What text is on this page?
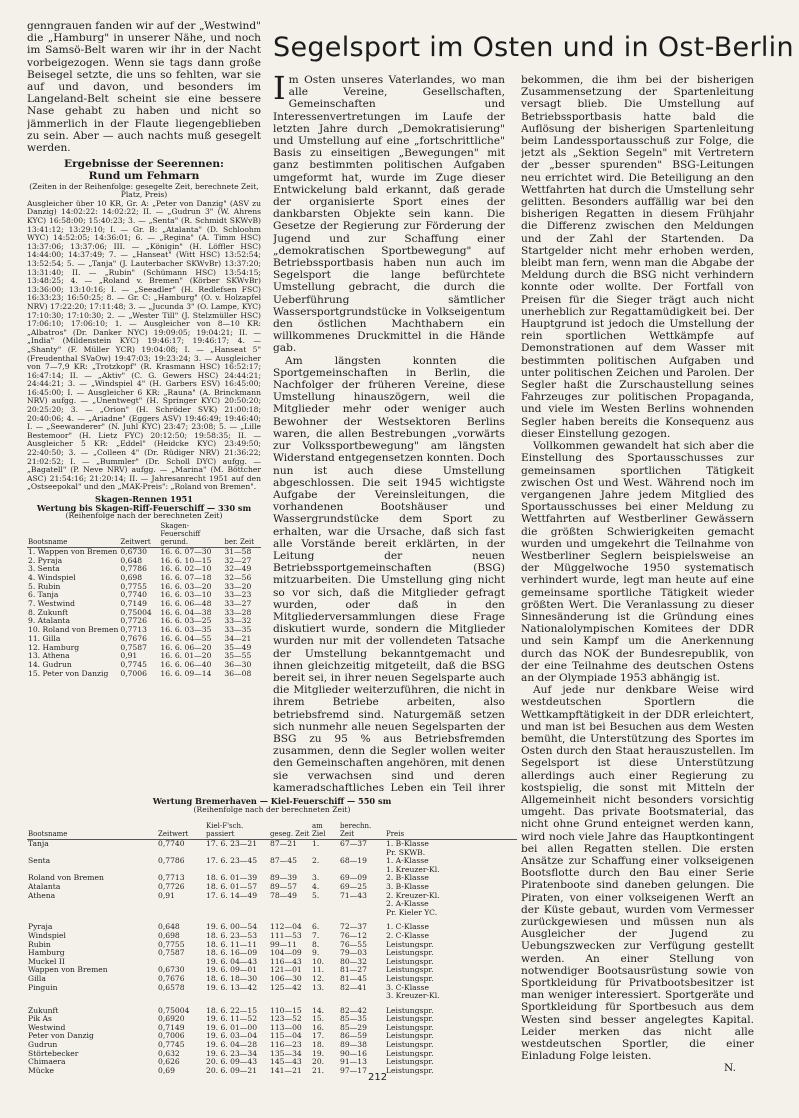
genngrauen fanden wir auf der „Westwind" die „Hamburg" in unserer Nähe, und noch im Samsö-Belt waren wir ihr in der Nacht vorbeigezogen. Wenn sie tags dann große Beisegel setzte, die uns so fehlten, war sie auf und davon, und besonders im Langeland-Belt scheint sie eine bessere Nase gehabt zu haben und nicht so jämmerlich in der Flaute liegengeblieben zu sein. Aber — auch nachts muß gesegelt werden.

Ergebnisse der Seerennen:
Rund um Fehmarn

(Zeiten in der Reihenfolge: gesegelte Zeit, berechnete Zeit, Platz, Preis)

Ausgleicher über 10 KR, Gr. A: „Peter von Danzig" (ASV zu Danzig) 14:02:22: 14:02:22; II. — „Gudrun 3" (W. Ahrens KYC) 16:58:00; 15:40:23; 3. — „Senta" (R. Schmidt SKWvB) 13:41:12; 13:29:10; I. — Gr. B: „Atalanta" (D. Schloohm WYC) 14:52:05; 14:36:01; 6. — „Regina" (A. Timm HSC) 13:37:06; 13:37:06; III. — „Königin" (H. Löffler HSC) 14:44:00; 14:37:49; 7. — „Hanseat" (Witt HSC) 13:52:54; 13:52:54; 5. — „Tanja" (J. Lauterbacher SKWvBr) 13:37:20; 13:31:40; II. — „Rubin" (Schümann HSC) 13:54:15; 13:48:25; 4. — „Roland v. Bremen" (Körber SKWvBr) 13:36:00; 13:10:16; I. — „Seeadler" (H. Redlefsen FSC) 16:33:23; 16:50:25; 8. — Gr. C: „Hamburg" (O. v. Holzapfel NRV) 17:22:20; 17:11:48; 3. — „Jucunda 3" (O. Lampe, KYC) 17:10:30; 17:10:30; 2. — „Wester Till" (J. Stelzmüller HSC) 17:06:10; 17:06:10; 1. — Ausgleicher von 8—10 KR: „Albatros" (Dr. Danker NYC) 19:09:05; 19:04:21; II. — „India" (Mildenstein KYC) 19:46:17; 19:46:17; 4. — „Shanty" (F. Müller YCR) 19:04:08; I. — „Hanseat 5" (Freudenthal SVaOw) 19:47:03; 19:23:24; 3. — Ausgleicher von 7—7,9 KR: „Trotzkopf" (R. Krasmann HSC) 16:52:17; 16:47:14; II. — „Aktiv" (C. G. Gewers HSC) 24:44:21; 24:44:21; 3. — „Windspiel 4" (H. Garbers ESV) 16:45:00; 16:45:00; I. — Ausgleicher 6 KR: „Rauna" (A. Brinckmann NRV) aufgg. — „Unentwegt" (H. Springer KYC) 20:50:20; 20:25:20; 3. — „Orion" (H. Schröder SVK) 21:00:18; 20:40:06; 4. — „Ariadne" (Eggers ASV) 19:46:49; 19:46:40; I. — „Seewanderer" (N. Juhl KYC) 23:47; 23:08; 5. — „Lille Bestemoor" (H. Lietz FYC) 20:12:50; 19:58:35; II. — Ausgleicher 5 KR: „Eddel" (Heidcke KYC) 23:49:50; 22:40:50; 3. — „Colleen 4" (Dr. Rüdiger NRV) 21:36:22; 21:02:52; I. — „Bummler" (Dr. Scholl DYC) aufgg. — „Bagatell" (P. Neve NRV) aufgg. — „Marina" (M. Böttcher ASC) 21:54:16; 21:20:14; II. — Jahresanrecht 1951 auf den „Ostseepokal" und den „MAK-Preis": „Roland von Bremen".

Skagen-Rennen 1951
Wertung bis Skagen-Riff-Feuerschiff — 330 sm
(Reihenfolge nach der berechneten Zeit)
Bootsname	Zeitwert	Skagen-Feuerschiff gerund.	ber. Zeit
1. Wappen von Bremen	0,6730	16. 6. 07—30	31—58
2. Pyraja	0,648	16. 6. 10—15	32—27
3. Senta	0,7786	16. 6. 02—10	32—49
4. Windspiel	0,698	16. 6. 07—18	32—56
5. Rubin	0,7755	16. 6. 03—20	33—20
6. Tanja	0,7740	16. 6. 03—10	33—23
7. Westwind	0,7149	16. 6. 06—48	33—27
8. Zukunft	0,75004	16. 6. 04—38	33—28
9. Atalanta	0,7726	16. 6. 03—25	33—32
10. Roland von Bremen	0,7713	16. 6. 03—35	33—35
11. Gilla	0,7676	16. 6. 04—55	34—21
12. Hamburg	0,7587	16. 6. 06—20	35—49
13. Athena	0,91	16. 6. 01—20	35—55
14. Gudrun	0,7745	16. 6. 06—40	36—30
15. Peter von Danzig	0,7006	16. 6. 09—14	36—08
Segelsport im Osten und in Ost-Berlin

Im Osten unseres Vaterlandes, wo man alle Vereine, Gesellschaften, Gemeinschaften und Interessenvertretungen im Laufe der letzten Jahre durch „Demokratisierung" und Umstellung auf eine „fortschrittliche" Basis zu einseitigen „Bewegungen" mit ganz bestimmten politischen Aufgaben umgeformt hat, wurde im Zuge dieser Entwickelung bald erkannt, daß gerade der organisierte Sport eines der dankbarsten Objekte sein kann. Die Gesetze der Regierung zur Förderung der Jugend und zur Schaffung einer „demokratischen Sportbewegung" auf Betriebssportbasis haben nun auch im Segelsport die lange befürchtete Umstellung gebracht, die durch die Ueberführung sämtlicher Wassersportgrundstücke in Volkseigentum den östlichen Machthabern ein willkommenes Druckmittel in die Hände gab.

Am längsten konnten die Sportgemeinschaften in Berlin, die Nachfolger der früheren Vereine, diese Umstellung hinauszögern, weil die Mitglieder mehr oder weniger auch Bewohner der Westsektoren Berlins waren, die allen Bestrebungen „vorwärts zur Volkssportbewegung" am längsten Widerstand entgegensetzen konnten. Doch nun ist auch diese Umstellung abgeschlossen. Die seit 1945 wichtigste Aufgabe der Vereinsleitungen, die vorhandenen Bootshäuser und Wassergrundstücke dem Sport zu erhalten, war die Ursache, daß sich fast alle Vorstände bereit erklärten, in der Leitung der neuen Betriebssportgemeinschaften (BSG) mitzuarbeiten. Die Umstellung ging nicht so vor sich, daß die Mitglieder gefragt wurden, oder daß in den Mitgliederversammlungen diese Frage diskutiert wurde, sondern die Mitglieder wurden nur mit der vollendeten Tatsache der Umstellung bekanntgemacht und ihnen gleichzeitig mitgeteilt, daß die BSG bereit sei, in ihrer neuen Segelsparte auch die Mitglieder weiterzuführen, die nicht in ihrem Betriebe arbeiten, also betriebsfremd sind. Naturgemäß setzen sich nunmehr alle neuen Segelsparten der BSG zu 95 % aus Betriebsfremden zusammen, denn die Segler wollen weiter den Gemeinschaften angehören, mit denen sie verwachsen sind und deren kameradschaftliches Leben ein Teil ihrer

bekommen, die ihm bei der bisherigen Zusammensetzung der Spartenleitung versagt blieb. Die Umstellung auf Betriebssportbasis hatte bald die Auflösung der bisherigen Spartenleitung beim Landessportausschuß zur Folge, die jetzt als „Sektion Segeln" mit Vertretern der „besser spurenden" BSG-Leitungen neu errichtet wird. Die Beteiligung an den Wettfahrten hat durch die Umstellung sehr gelitten. Besonders auffällig war bei den bisherigen Regatten in diesem Frühjahr die Differenz zwischen den Meldungen und der Zahl der Startenden. Da Startgelder nicht mehr erhoben werden, bleibt man fern, wenn man die Abgabe der Meldung durch die BSG nicht verhindern konnte oder wollte. Der Fortfall von Preisen für die Sieger trägt auch nicht unerheblich zur Regattamüdigkeit bei. Der Hauptgrund ist jedoch die Umstellung der rein sportlichen Wettkämpfe auf Demonstrationen auf dem Wasser mit bestimmten politischen Aufgaben und unter politischen Zeichen und Parolen. Der Segler haßt die Zurschaustellung seines Fahrzeuges zur politischen Propaganda, und viele im Westen Berlins wohnenden Segler haben bereits die Konsequenz aus dieser Einstellung gezogen.

Vollkommen gewandelt hat sich aber die Einstellung des Sportausschusses zur gemeinsamen sportlichen Tätigkeit zwischen Ost und West. Während noch im vergangenen Jahre jedem Mitglied des Sportausschusses bei einer Meldung zu Wettfahrten auf Westberliner Gewässern die größten Schwierigkeiten gemacht wurden und umgekehrt die Teilnahme von Westberliner Seglern beispielsweise an der Müggelwoche 1950 systematisch verhindert wurde, legt man heute auf eine gemeinsame sportliche Tätigkeit wieder größten Wert. Die Veranlassung zu dieser Sinnesänderung ist die Gründung eines Nationalolympischen Komitees der DDR und sein Kampf um die Anerkennung durch das NOK der Bundesrepublik, von der eine Teilnahme des deutschen Ostens an der Olympiade 1953 abhängig ist.

Auf jede nur denkbare Weise wird westdeutschen Sportlern die Wettkampftätigkeit in der DDR erleichtert, und man ist bei Besuchen aus dem Westen bemüht, die Unterstützung des Sportes im Osten durch den Staat herauszustellen. Im Segelsport ist diese Unterstützung allerdings auch einer Regierung zu kostspielig, die sonst mit Mitteln der Allgemeinheit nicht besonders vorsichtig umgeht. Das private Bootsmaterial, das nicht ohne Grund enteignet werden kann, wird noch viele Jahre das Hauptkontingent bei allen Regatten stellen. Die ersten Ansätze zur Schaffung einer volkseigenen Bootsflotte durch den Bau einer Serie Piratenboote sind daneben gelungen. Die Piraten, von einer volkseigenen Werft an der Küste gebaut, wurden vom Vermesser zurückgewiesen und müssen nun als Ausgleicher der Jugend zu Uebungszwecken zur Verfügung gestellt werden. An einer Stellung von notwendiger Bootsausrüstung sowie von Sportkleidung für Privatbootsbesitzer ist man weniger interessiert. Sportgeräte und Sportkleidung für Sportbesuch aus dem Westen sind besser angelegtes Kapital. Leider merken das nicht alle westdeutschen Sportler, die einer Einladung Folge leisten.

N.
Wertung Bremerhaven — Kiel-Feuerschiff — 550 sm
(Reihenfolge nach der berechneten Zeit)
Bootsname	Zeitwert	Kiel-F'sch. passiert	geseg. Zeit	am Ziel	berechn. Zeit	Preis
Tanja	0,7740	17. 6. 23—21	87—21	1.	67—37	1. B-Klasse
						Pr. SKWB.
Senta	0,7786	17. 6. 23—45	87—45	2.	68—19	1. A-Klasse
						1. Kreuzer-Kl.
Roland von Bremen	0,7713	18. 6. 01—39	89—39	3.	69—09	2. B-Klasse
Atalanta	0,7726	18. 6. 01—57	89—57	4.	69—25	3. B-Klasse
Athena	0,91	17. 6. 14—49	78—49	5.	71—43	2. Kreuzer-Kl.
						2. A-Klasse
						Pr. Kieler YC.

Pyraja	0,648	19. 6. 00—54	112—04	6.	72—37	1. C-Klasse
Windspiel	0,698	18. 6. 23—53	111—53	7.	76—12	2. C-Klasse
Rubin	0,7755	18. 6. 11—11	99—11	8.	76—55	Leistungspr.
Hamburg	0,7587	18. 6. 16—09	104—09	9.	79—03	Leistungspr.
Muckel II		19. 6. 04—43	116—43	10.	80—32	Leistungspr.
Wappen von Bremen	0,6730	19. 6. 09—01	121—01	11.	81—27	Leistungspr.
Gilla	0,7676	18. 6. 18—30	106—30	12.	81—45	Leistungspr.
Pinguin	0,6578	19. 6. 13—42	125—42	13.	82—41	3. C-Klasse
						3. Kreuzer-Kl.

Zukunft	0,75004	18. 6. 22—15	110—15	14.	82—42	Leistungspr.
Pik As	0,6920	19. 6. 11—52	123—52	15.	85—35	Leistungspr.
Westwind	0,7149	19. 6. 01—00	113—00	16.	85—29	Leistungspr.
Peter von Danzig	0,7006	19. 6. 03—04	115—04	17.	86—59	Leistungspr.
Gudrun	0,7745	19. 6. 04—28	116—23	18.	89—38	Leistungspr.
Störtebecker	0,632	19. 6. 23—34	135—34	19.	90—16	Leistungspr.
Chimaera	0,626	20. 6. 09—43	145—43	20.	91—13	Leistungspr.
Mücke	0,69	20. 6. 09—21	141—21	21.	97—17	Leistungspr.
212
